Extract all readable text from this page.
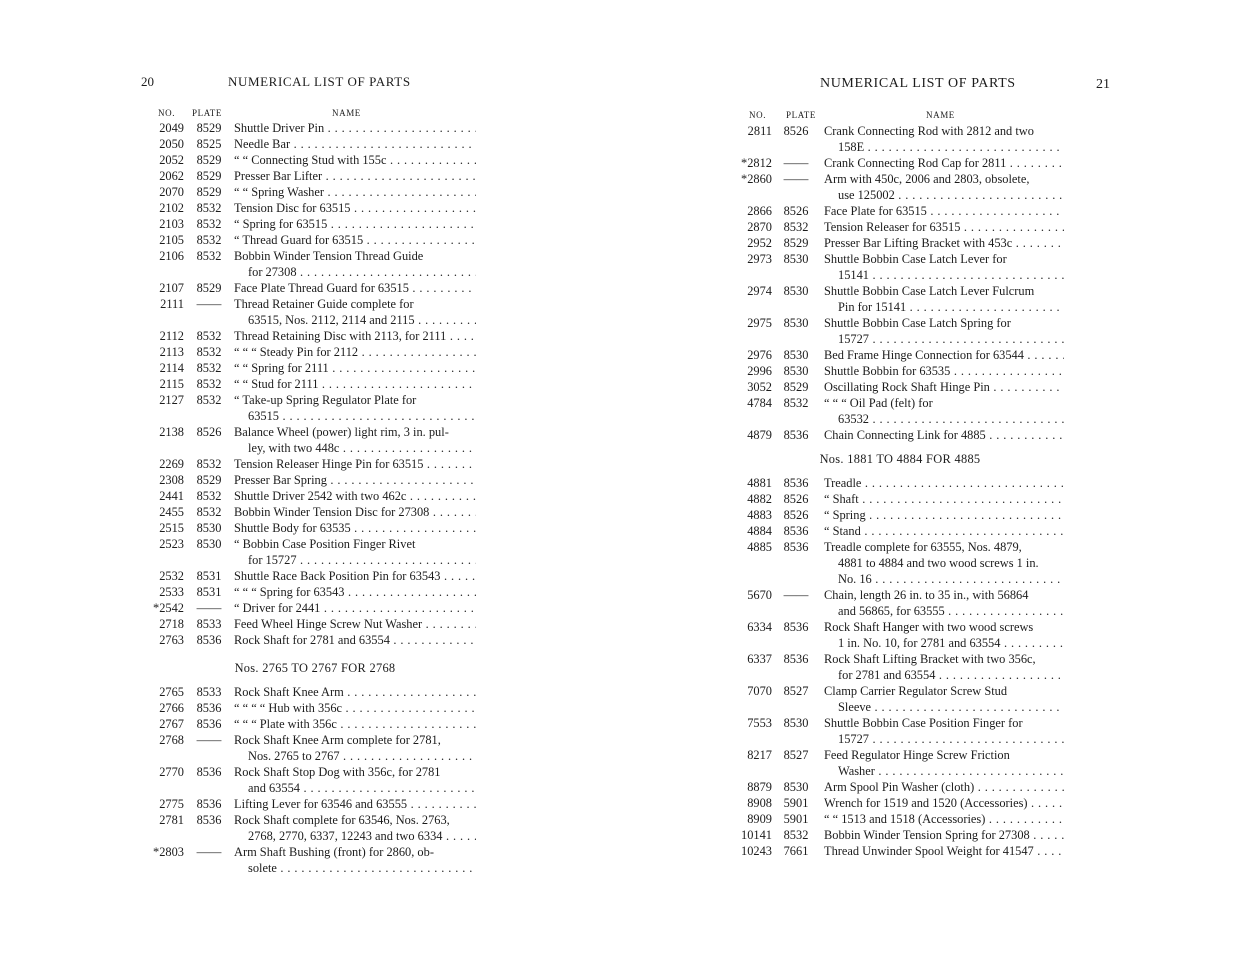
20	NUMERICAL LIST OF PARTS
NO. PLATE	NAME
2049	8529	Shuttle Driver Pin . . .
2050	8525	Needle Bar . . .
2052	8529	“ “ Connecting Stud with 155c . . .
2062	8529	Presser Bar Lifter . . .
2070	8529	“ “ Spring Washer . . .
2102	8532	Tension Disc for 63515 . . .
2103	8532	“ Spring for 63515 . . .
2105	8532	“ Thread Guard for 63515 . . .
2106	8532	Bobbin Winder Tension Thread Guide
for 27308 . . .
2107	8529	Face Plate Thread Guard for 63515 . . .
2111	——	Thread Retainer Guide complete for
63515, Nos. 2112, 2114 and 2115 . . .
2112	8532	Thread Retaining Disc with 2113, for 2111 . . .
2113	8532	“ “ “ Steady Pin for 2112 . . .
2114	8532	“ “ Spring for 2111 . . .
2115	8532	“ “ Stud for 2111 . . .
2127	8532	“ Take-up Spring Regulator Plate for
63515 . . .
2138	8526	Balance Wheel (power) light rim, 3 in. pul-
ley, with two 448c . . .
2269	8532	Tension Releaser Hinge Pin for 63515 . . .
2308	8529	Presser Bar Spring . . .
2441	8532	Shuttle Driver 2542 with two 462c . . .
2455	8532	Bobbin Winder Tension Disc for 27308 . . .
2515	8530	Shuttle Body for 63535 . . .
2523	8530	“ Bobbin Case Position Finger Rivet
for 15727 . . .
2532	8531	Shuttle Race Back Position Pin for 63543 . . .
2533	8531	“ “ “ Spring for 63543 . . .
*2542	——	“ Driver for 2441 . . .
2718	8533	Feed Wheel Hinge Screw Nut Washer . . .
2763	8536	Rock Shaft for 2781 and 63554 . . .
Nos. 2765 TO 2767 FOR 2768
2765	8533	Rock Shaft Knee Arm . . .
2766	8536	“ “ “ “ Hub with 356c . . .
2767	8536	“ “ “ Plate with 356c . . .
2768	——	Rock Shaft Knee Arm complete for 2781,
Nos. 2765 to 2767 . . .
2770	8536	Rock Shaft Stop Dog with 356c, for 2781
and 63554 . . .
2775	8536	Lifting Lever for 63546 and 63555 . . .
2781	8536	Rock Shaft complete for 63546, Nos. 2763,
2768, 2770, 6337, 12243 and two 6334 . . .
*2803	——	Arm Shaft Bushing (front) for 2860, ob-
solete . . .
NUMERICAL LIST OF PARTS	21
NO. PLATE	NAME
2811 8526	Crank Connecting Rod with 2812 and two
158E . . .
*2812 ——	Crank Connecting Rod Cap for 2811 . . .
*2860 ——	Arm with 450c, 2006 and 2803, obsolete,
use 125002 . . .
2866 8526	Face Plate for 63515 . . .
2870 8532	Tension Releaser for 63515 . . .
2952 8529	Presser Bar Lifting Bracket with 453c . . .
2973 8530	Shuttle Bobbin Case Latch Lever for
15141 . . .
2974 8530	Shuttle Bobbin Case Latch Lever Fulcrum
Pin for 15141 . . .
2975 8530	Shuttle Bobbin Case Latch Spring for
15727 . . .
2976 8530	Bed Frame Hinge Connection for 63544 . . .
2996 8530	Shuttle Bobbin for 63535 . . .
3052 8529	Oscillating Rock Shaft Hinge Pin . . .
4784 8532	“ “ “ Oil Pad (felt) for
63532 . . .
4879 8536	Chain Connecting Link for 4885 . . .
Nos. 1881 TO 4884 FOR 4885
4881 8536	Treadle . . .
4882 8526	“ Shaft . . .
4883 8526	“ Spring . . .
4884 8536	“ Stand . . .
4885 8536	Treadle complete for 63555, Nos. 4879,
4881 to 4884 and two wood screws 1 in.
No. 16 . . .
5670 ——	Chain, length 26 in. to 35 in., with 56864
and 56865, for 63555 . . .
6334 8536	Rock Shaft Hanger with two wood screws
1 in. No. 10, for 2781 and 63554 . . .
6337 8536	Rock Shaft Lifting Bracket with two 356c,
for 2781 and 63554 . . .
7070 8527	Clamp Carrier Regulator Screw Stud
Sleeve . . .
7553 8530	Shuttle Bobbin Case Position Finger for
15727 . . .
8217 8527	Feed Regulator Hinge Screw Friction
Washer . . .
8879 8530	Arm Spool Pin Washer (cloth) . . .
8908 5901	Wrench for 1519 and 1520 (Accessories) . . .
8909 5901	“ “ 1513 and 1518 (Accessories) . . .
10141 8532	Bobbin Winder Tension Spring for 27308 . . .
10243 7661	Thread Unwinder Spool Weight for 41547 . . .
